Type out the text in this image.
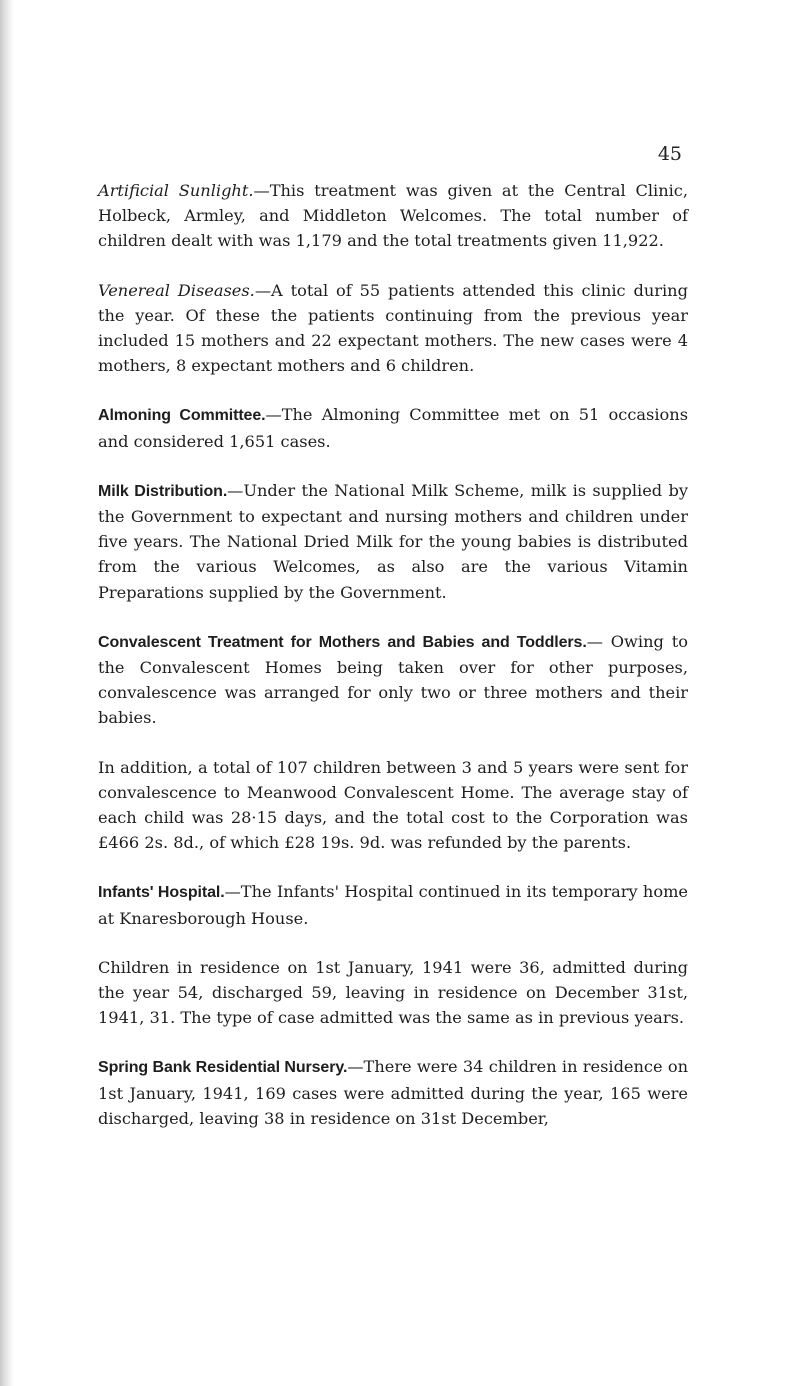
45

Artificial Sunlight.—This treatment was given at the Central Clinic, Holbeck, Armley, and Middleton Welcomes. The total number of children dealt with was 1,179 and the total treatments given 11,922.

Venereal Diseases.—A total of 55 patients attended this clinic during the year. Of these the patients continuing from the previous year included 15 mothers and 22 expectant mothers. The new cases were 4 mothers, 8 expectant mothers and 6 children.

Almoning Committee.—The Almoning Committee met on 51 occasions and considered 1,651 cases.

Milk Distribution.—Under the National Milk Scheme, milk is supplied by the Government to expectant and nursing mothers and children under five years. The National Dried Milk for the young babies is distributed from the various Welcomes, as also are the various Vitamin Preparations supplied by the Government.

Convalescent Treatment for Mothers and Babies and Toddlers.— Owing to the Convalescent Homes being taken over for other purposes, convalescence was arranged for only two or three mothers and their babies.

In addition, a total of 107 children between 3 and 5 years were sent for convalescence to Meanwood Convalescent Home. The average stay of each child was 28·15 days, and the total cost to the Corporation was £466 2s. 8d., of which £28 19s. 9d. was refunded by the parents.

Infants' Hospital.—The Infants' Hospital continued in its temporary home at Knaresborough House.

Children in residence on 1st January, 1941 were 36, admitted during the year 54, discharged 59, leaving in residence on December 31st, 1941, 31. The type of case admitted was the same as in previous years.

Spring Bank Residential Nursery.—There were 34 children in residence on 1st January, 1941, 169 cases were admitted during the year, 165 were discharged, leaving 38 in residence on 31st December,
